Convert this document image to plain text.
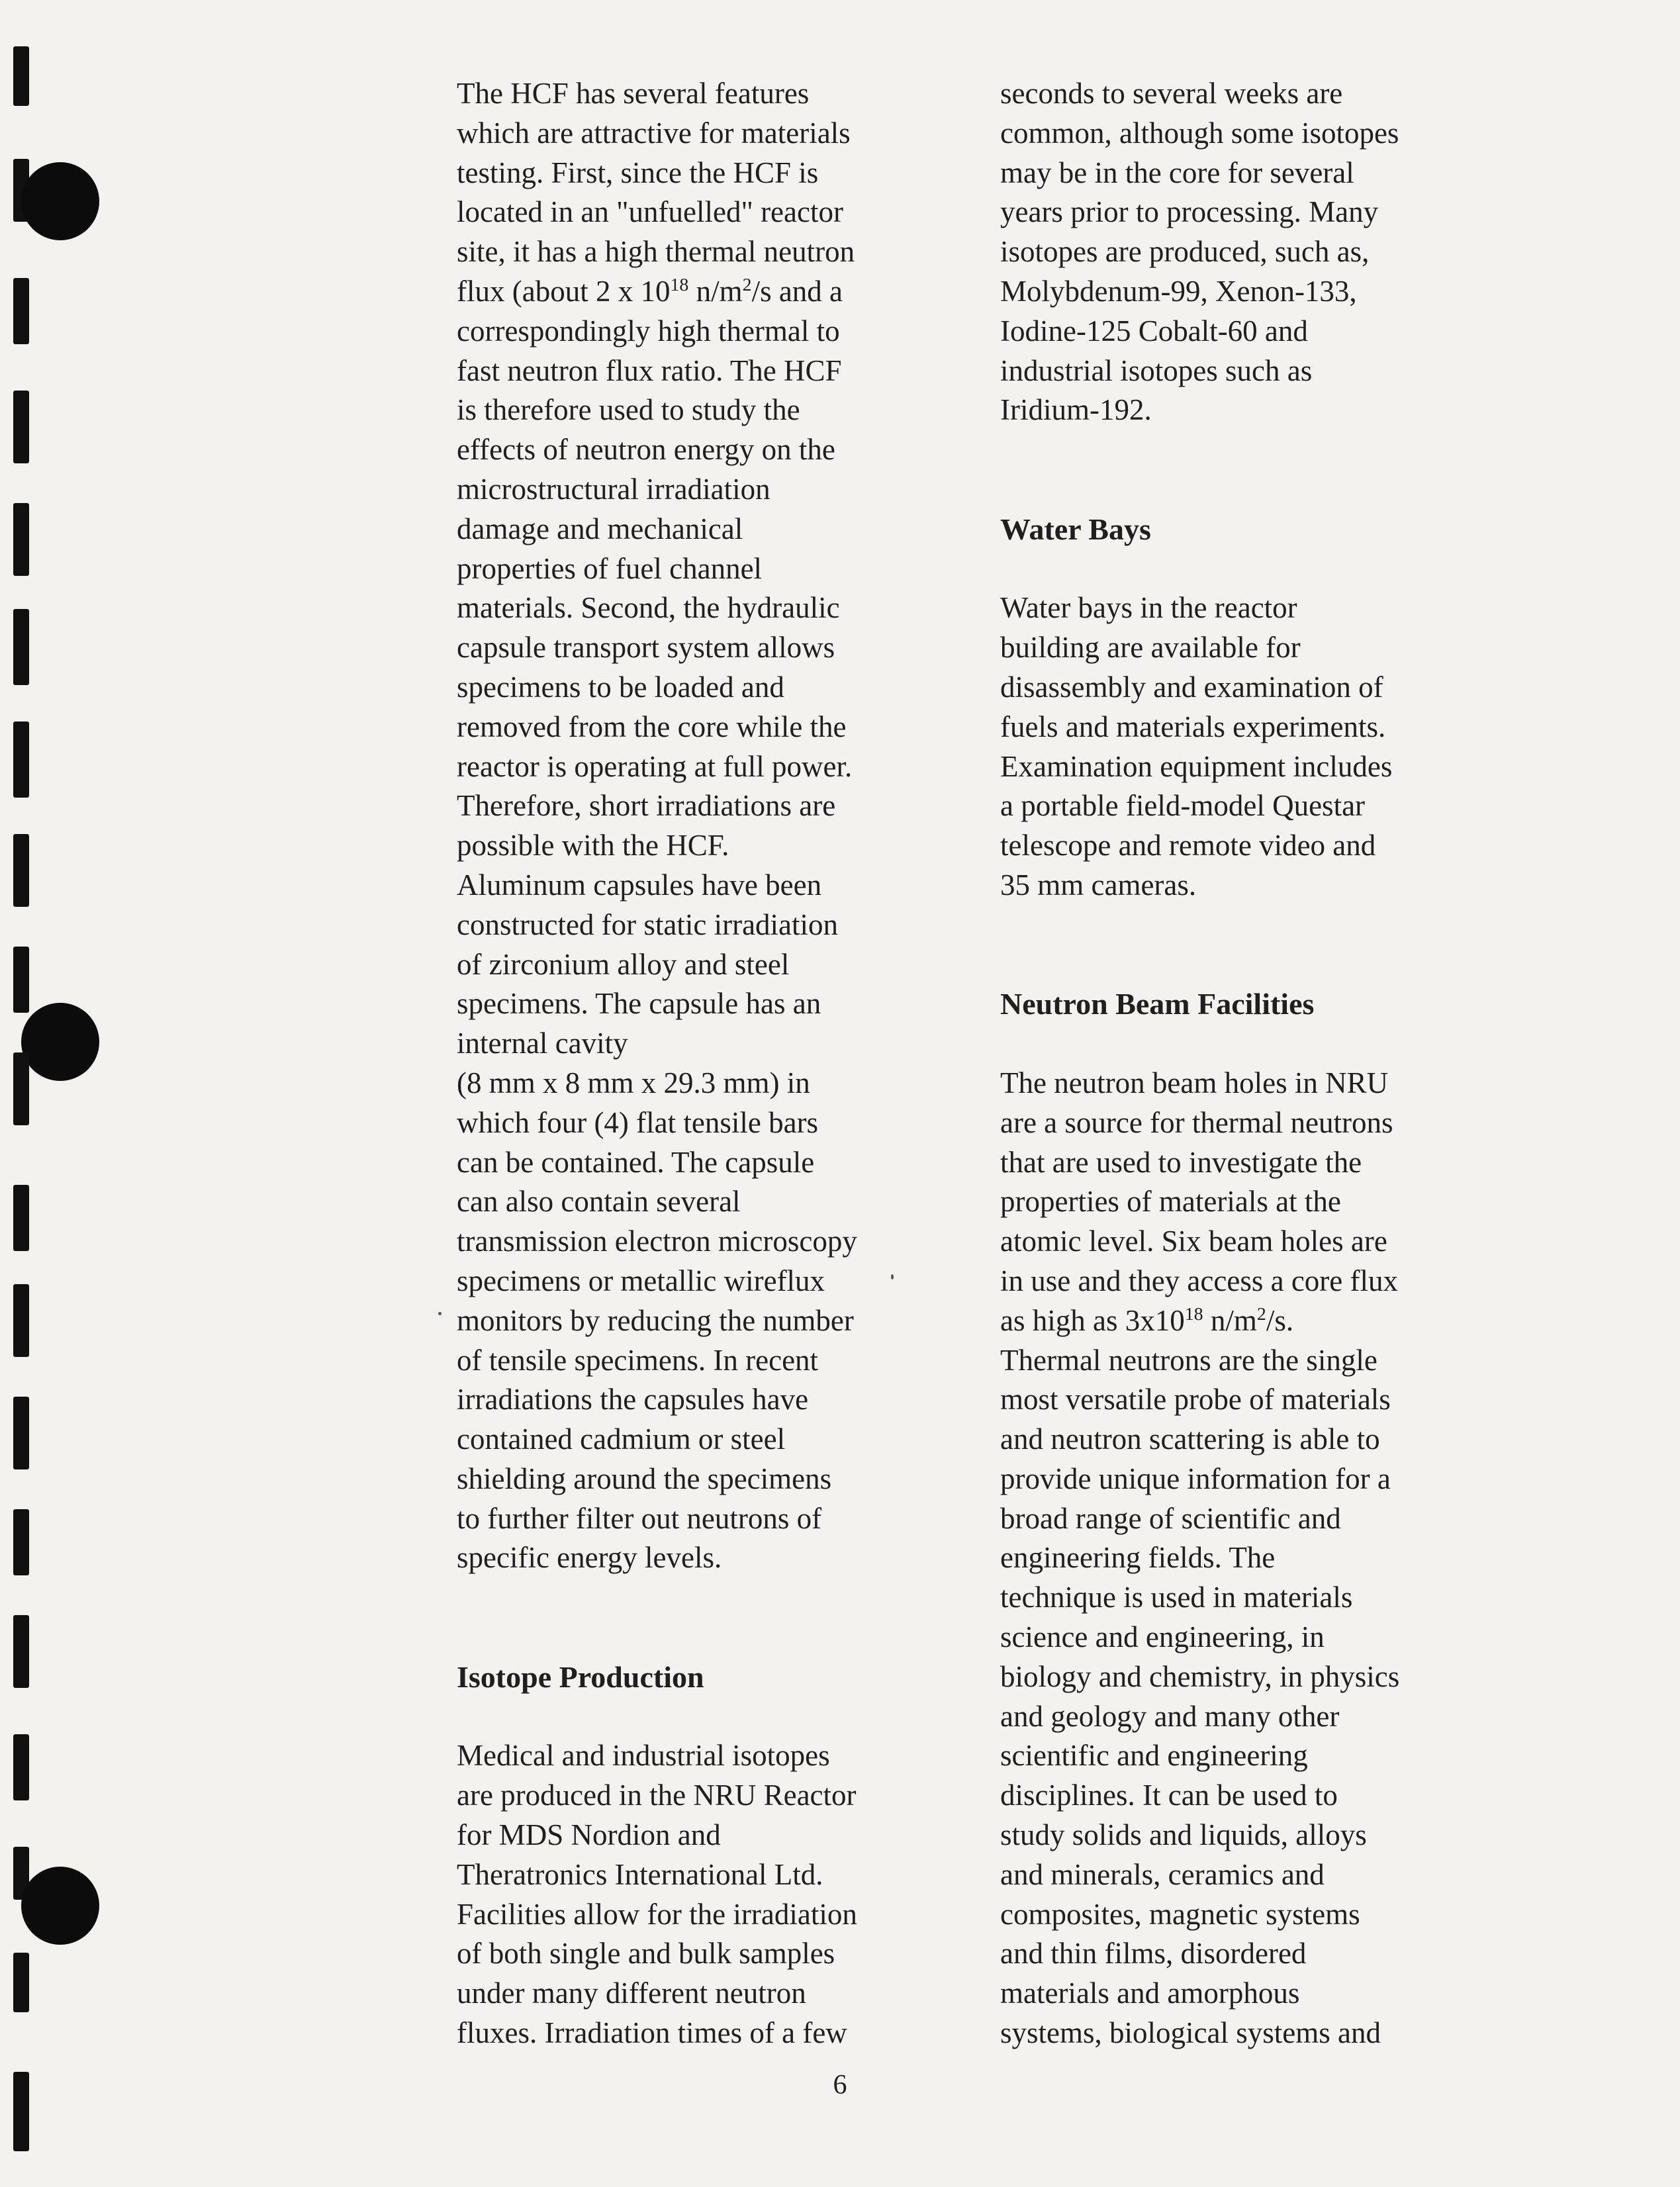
The HCF has several features

which are attractive for materials

testing. First, since the HCF is

located in an "unfuelled" reactor

site, it has a high thermal neutron

flux (about 2 x $10^{18}$ $n/m^2/s$ and a

correspondingly high thermal to

fast neutron flux ratio. The HCF

is therefore used to study the

effects of neutron energy on the

microstructural irradiation

damage and mechanical

properties of fuel channel

materials. Second, the hydraulic

capsule transport system allows

specimens to be loaded and

removed from the core while the

reactor is operating at full power.

Therefore, short irradiations are

possible with the HCF.

Aluminum capsules have been

constructed for static irradiation

of zirconium alloy and steel

specimens. The capsule has an

internal cavity

(8 mm x 8 mm x 29.3 mm) in

which four (4) flat tensile bars

can be contained. The capsule

can also contain several

transmission electron microscopy

specimens or metallic wireflux

monitors by reducing the number

of tensile specimens. In recent

irradiations the capsules have

contained cadmium or steel

shielding around the specimens

to further filter out neutrons of

specific energy levels.

Isotope Production

Medical and industrial isotopes

are produced in the NRU Reactor

for MDS Nordion and

Theratronics International Ltd.

Facilities allow for the irradiation

of both single and bulk samples

under many different neutron

fluxes. Irradiation times of a few

seconds to several weeks are

common, although some isotopes

may be in the core for several

years prior to processing. Many

isotopes are produced, such as,

Molybdenum-99, Xenon-133,

Iodine-125 Cobalt-60 and

industrial isotopes such as

Iridium-192.

Water Bays

Water bays in the reactor

building are available for

disassembly and examination of

fuels and materials experiments.

Examination equipment includes

a portable field-model Questar

telescope and remote video and

35 mm cameras.

Neutron Beam Facilities

The neutron beam holes in NRU

are a source for thermal neutrons

that are used to investigate the

properties of materials at the

atomic level. Six beam holes are

in use and they access a core flux

as high as $3x10^{18}$ $n/m^2/s$.

Thermal neutrons are the single

most versatile probe of materials

and neutron scattering is able to

provide unique information for a

broad range of scientific and

engineering fields. The

technique is used in materials

science and engineering, in

biology and chemistry, in physics

and geology and many other

scientific and engineering

disciplines. It can be used to

study solids and liquids, alloys

and minerals, ceramics and

composites, magnetic systems

and thin films, disordered

materials and amorphous

systems, biological systems and

6
